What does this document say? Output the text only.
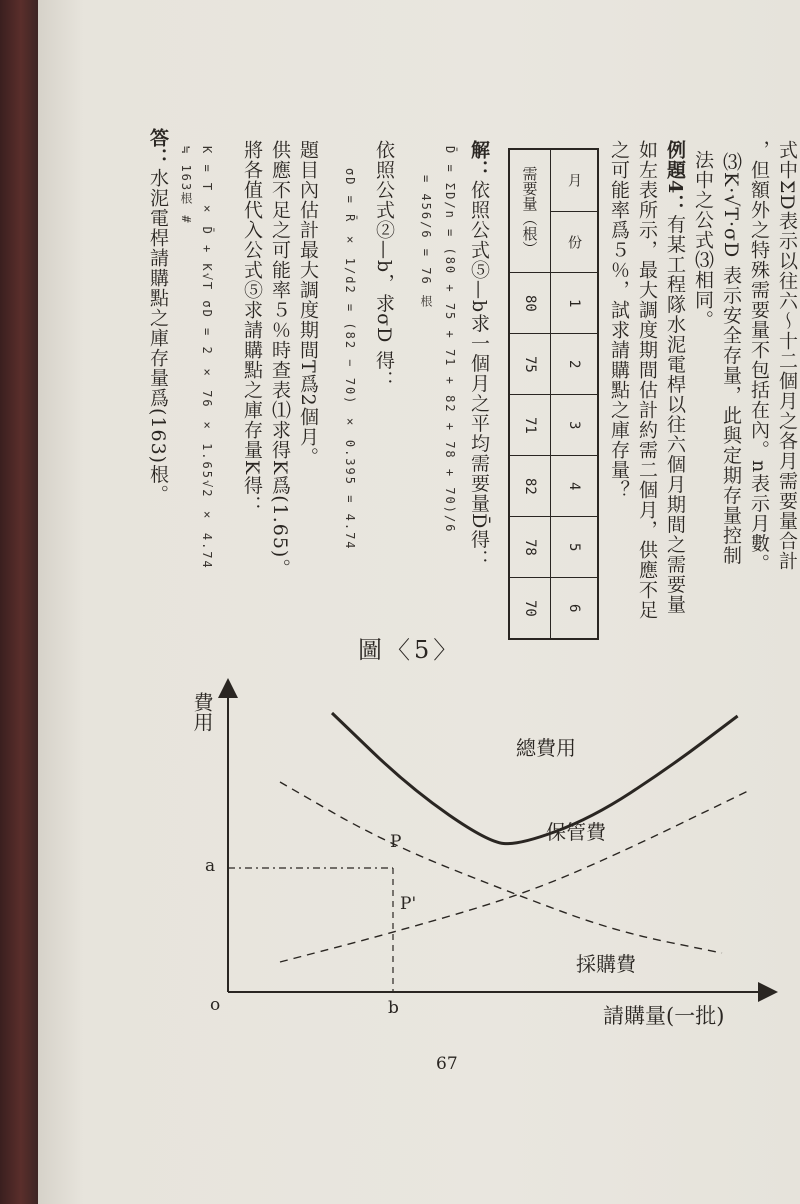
式中ΣD表示以往六〜十二個月之各月需要量合計
，但額外之特殊需要量不包括在內。n表示月數。
⑶K·√T·σD 表示安全存量，此與定期存量控制
法中之公式⑶相同。
例題4：有某工程隊水泥電桿以往六個月期間之需要量
如左表所示，最大調度期間估計約需二個月，供應不足
之可能率爲５％，試求請購點之庫存量？
月	份	1	2	3	4	5	6
需要量（根）	80	75	71	82	78	70
解：依照公式⑤—b求一個月之平均需要量D̄得：
D̄ = ΣD/n = (80 + 75 + 71 + 82 + 78 + 70)/6
= 456/6 = 76 根
依照公式②—b，求σD 得：
σD = R̄ × 1/d2 = (82 − 70) × 0.395 = 4.74
題目內估計最大調度期間T爲2個月。
供應不足之可能率５％時查表⑴求得K爲(1.65)。
將各值代入公式⑤求請購點之庫存量K得：
K = T × D̄ + K√T σD = 2 × 76 × 1.65√2 × 4.74
≒ 163根 #
答：水泥電桿請購點之庫存量爲(163)根。
圖〈5〉
費用
請購量(一批)
o
a
b
P
P'
總費用
保管費
採購費
67
